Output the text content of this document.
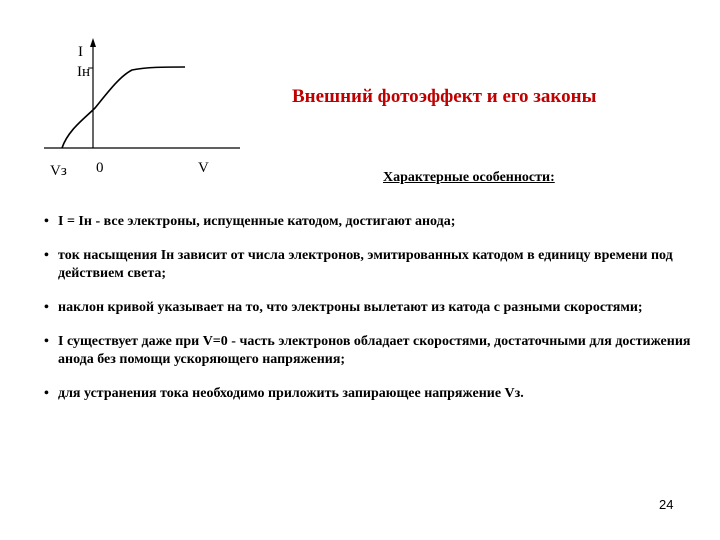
I
Iн
Vз 0	V
Внешний фотоэффект и его законы
Характерные особенности:
• I = Iн - все электроны, испущенные катодом, достигают анода;
• ток насыщения Iн зависит от числа электронов, эмитированных катодом в единицу времени под действием света;
• наклон кривой указывает на то, что электроны вылетают из катода с разными скоростями;
• I существует даже при V=0 - часть электронов обладает скоростями, достаточными для достижения анода без помощи ускоряющего напряжения;
• для устранения тока необходимо приложить запирающее напряжение Vз.
24
